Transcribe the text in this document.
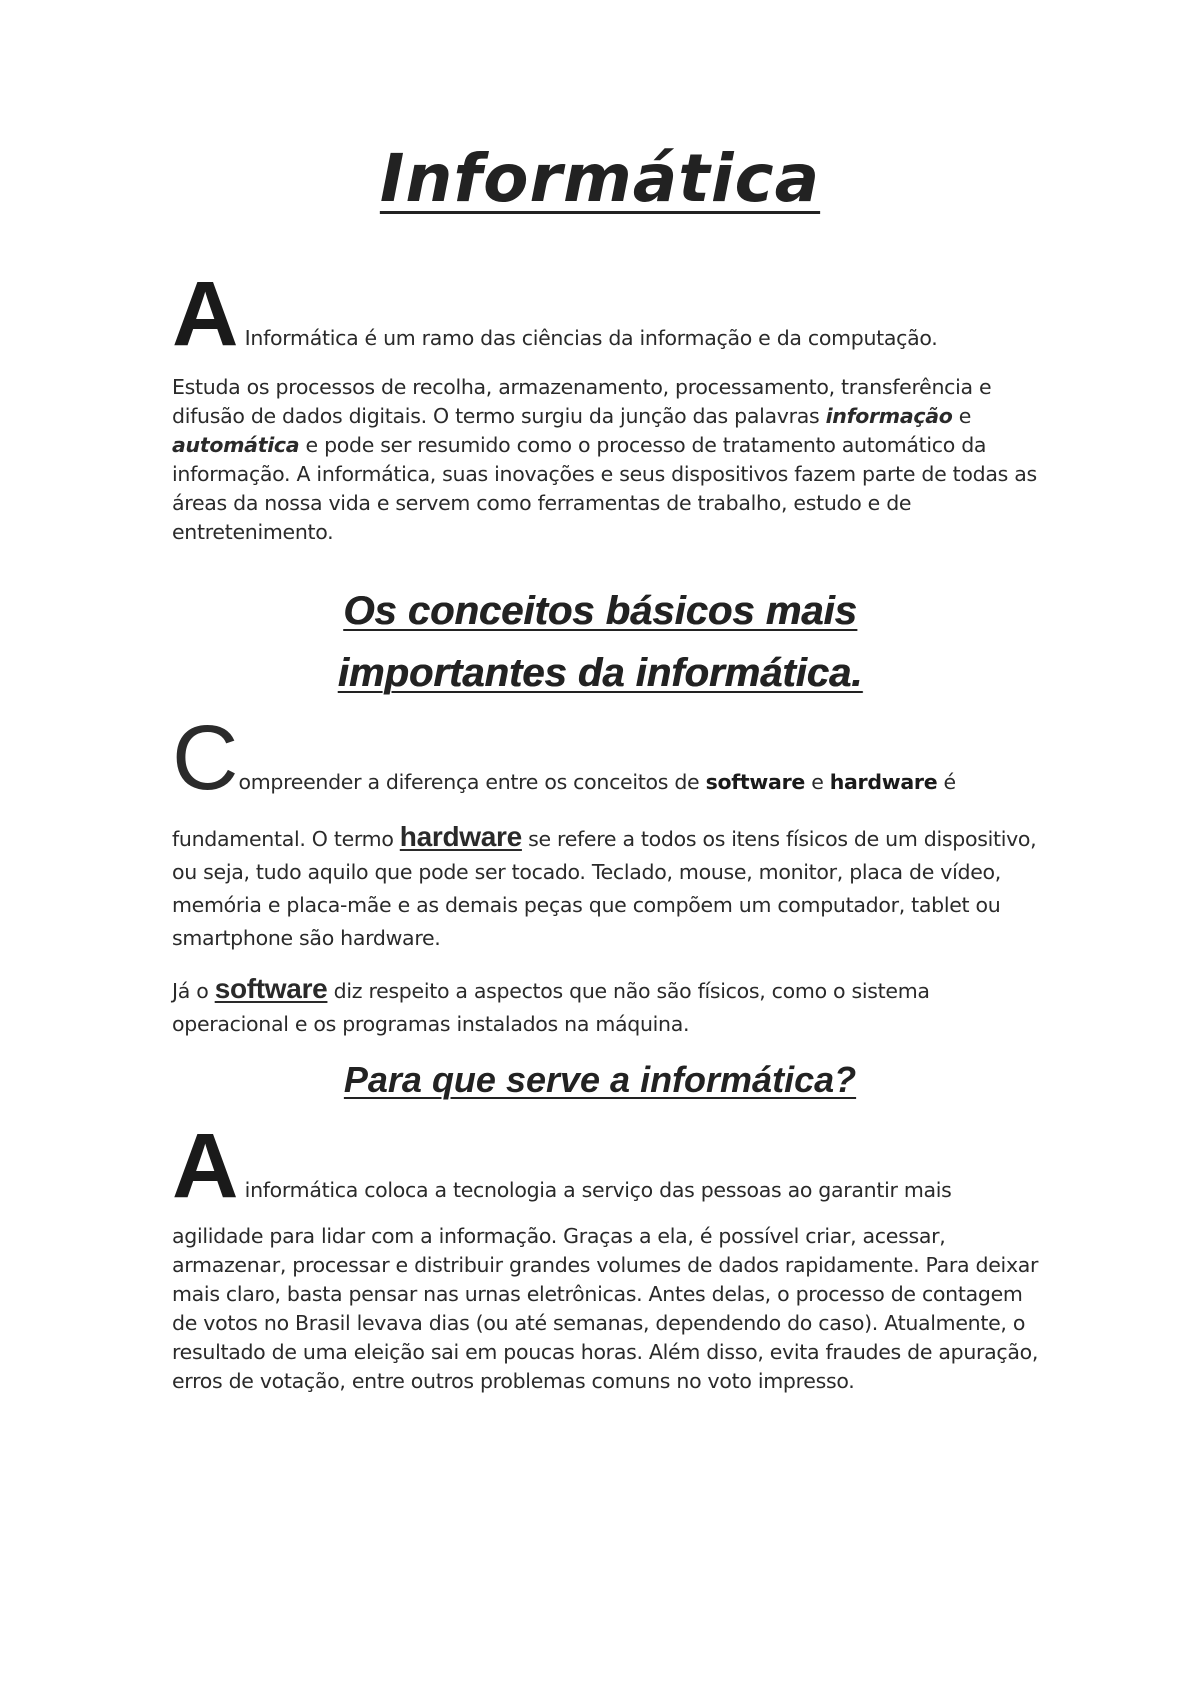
Informática
A Informática é um ramo das ciências da informação e da computação.
Estuda os processos de recolha, armazenamento, processamento, transferência e difusão de dados digitais. O termo surgiu da junção das palavras informação e automática e pode ser resumido como o processo de tratamento automático da informação. A informática, suas inovações e seus dispositivos fazem parte de todas as áreas da nossa vida e servem como ferramentas de trabalho, estudo e de entretenimento.
Os conceitos básicos mais
importantes da informática.
Compreender a diferença entre os conceitos de software e hardware é
fundamental. O termo hardware se refere a todos os itens físicos de um dispositivo, ou seja, tudo aquilo que pode ser tocado. Teclado, mouse, monitor, placa de vídeo, memória e placa-mãe e as demais peças que compõem um computador, tablet ou smartphone são hardware.
Já o software diz respeito a aspectos que não são físicos, como o sistema operacional e os programas instalados na máquina.
Para que serve a informática?
A informática coloca a tecnologia a serviço das pessoas ao garantir mais
agilidade para lidar com a informação. Graças a ela, é possível criar, acessar, armazenar, processar e distribuir grandes volumes de dados rapidamente. Para deixar mais claro, basta pensar nas urnas eletrônicas. Antes delas, o processo de contagem de votos no Brasil levava dias (ou até semanas, dependendo do caso). Atualmente, o resultado de uma eleição sai em poucas horas. Além disso, evita fraudes de apuração, erros de votação, entre outros problemas comuns no voto impresso.
